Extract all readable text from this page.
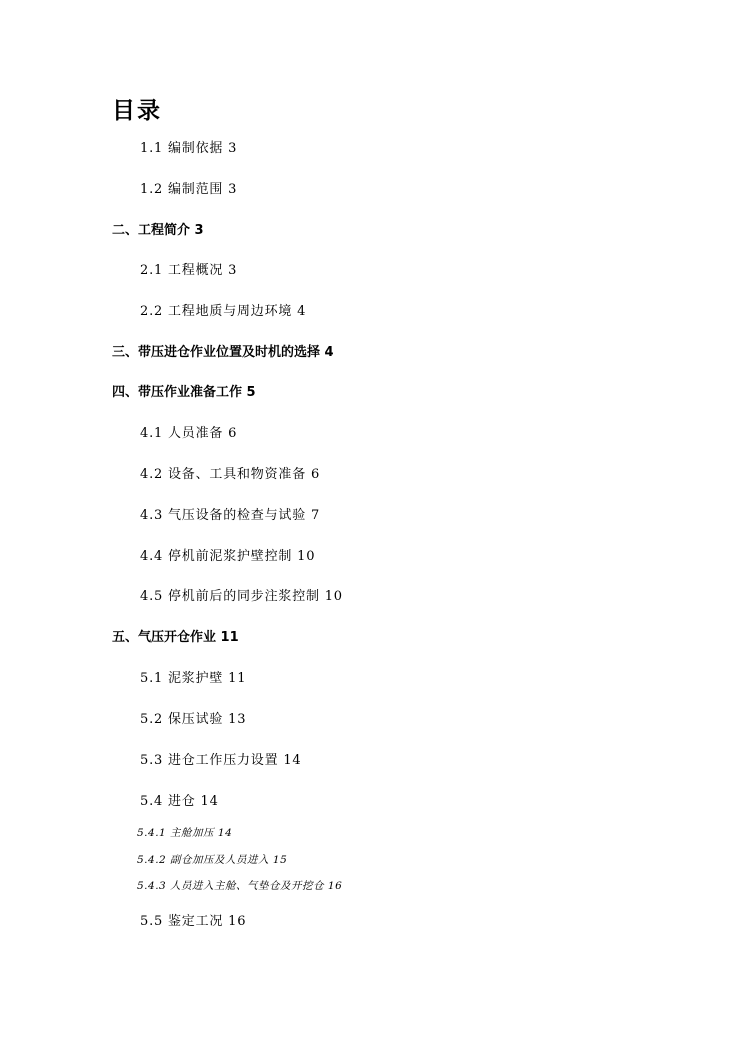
目录
1.1 编制依据 3
1.2 编制范围 3
二、工程简介 3
2.1 工程概况 3
2.2 工程地质与周边环境 4
三、带压进仓作业位置及时机的选择 4
四、带压作业准备工作 5
4.1 人员准备 6
4.2 设备、工具和物资准备 6
4.3 气压设备的检查与试验 7
4.4 停机前泥浆护壁控制 10
4.5 停机前后的同步注浆控制 10
五、气压开仓作业 11
5.1 泥浆护壁 11
5.2 保压试验 13
5.3 进仓工作压力设置 14
5.4 进仓 14
5.4.1 主舱加压 14
5.4.2 副仓加压及人员进入 15
5.4.3 人员进入主舱、气垫仓及开挖仓 16
5.5 鉴定工况 16
